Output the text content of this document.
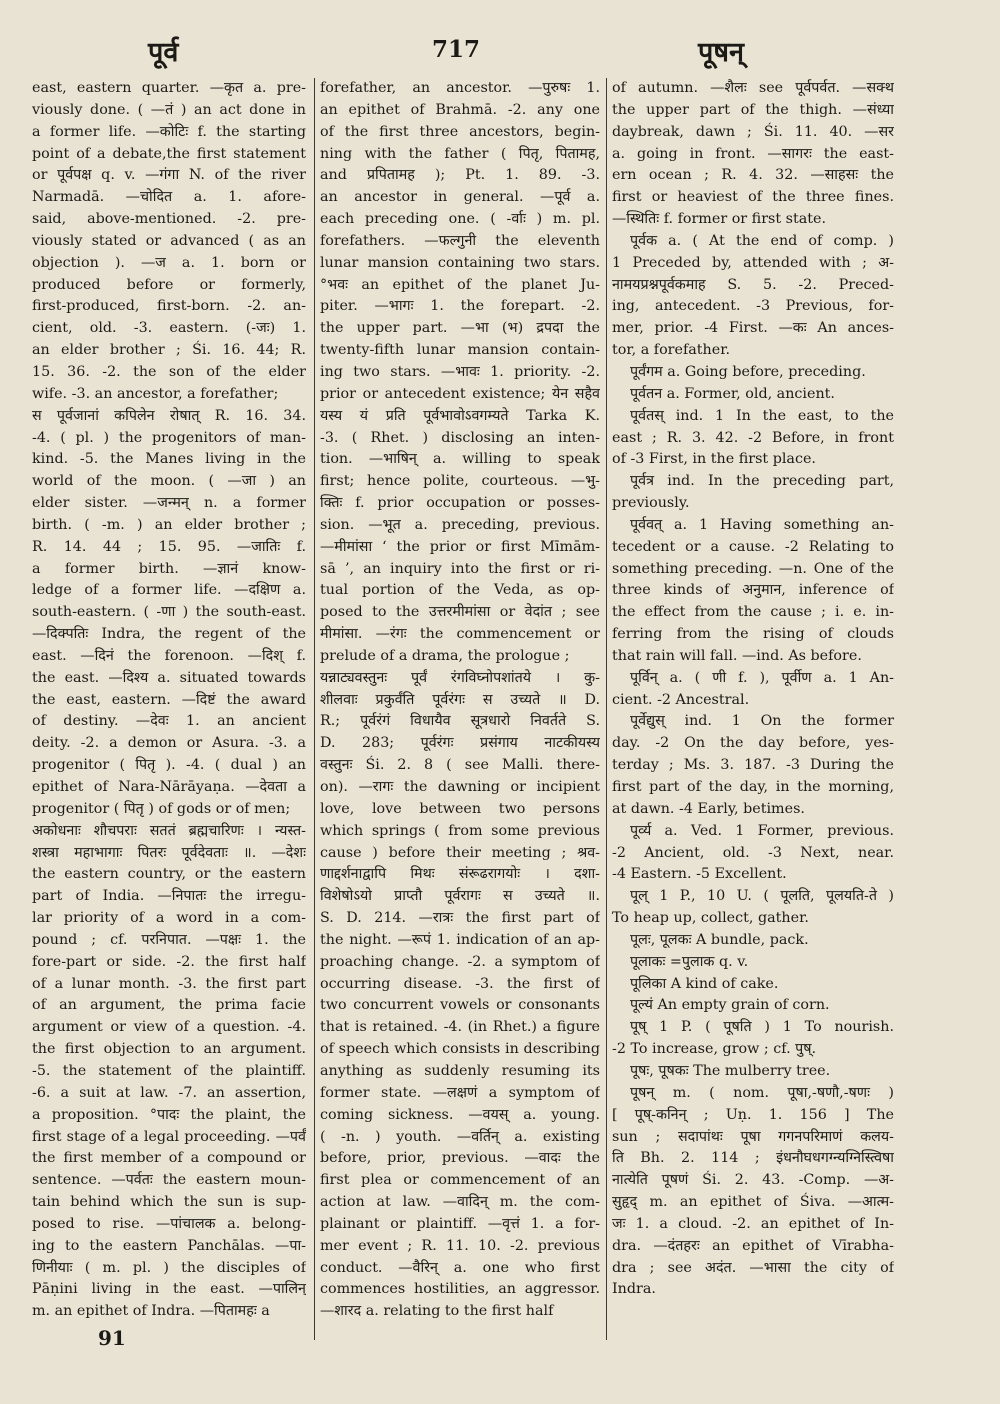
पूर्व	717	पूषन्
east, eastern quarter. —कृत a. pre-
viously done. ( —तं ) an act done in
a former life. —कोटिः f. the starting
point of a debate,the first statement
or पूर्वपक्ष q. v. —गंगा N. of the river
Narmadā. —चोदित a. 1. afore-
said, above-mentioned. -2. pre-
viously stated or advanced ( as an
objection ). —ज a. 1. born or
produced before or formerly,
first-produced, first-born. -2. an-
cient, old. -3. eastern. (-जः) 1.
an elder brother ; Śi. 16. 44; R.
15. 36. -2. the son of the elder
wife. -3. an ancestor, a forefather;
स पूर्वजानां कपिलेन रोषात् R. 16. 34.
-4. ( pl. ) the progenitors of man-
kind. -5. the Manes living in the
world of the moon. ( —जा ) an
elder sister. —जन्मन् n. a former
birth. ( -m. ) an elder brother ;
R. 14. 44 ; 15. 95. —जातिः f.
a former birth. —ज्ञानं know-
ledge of a former life. —दक्षिण a.
south-eastern. ( -णा ) the south-east.
—दिक्पतिः Indra, the regent of the
east. —दिनं the forenoon. —दिश् f.
the east. —दिश्य a. situated towards
the east, eastern. —दिष्टं the award
of destiny. —देवः 1. an ancient
deity. -2. a demon or Asura. -3. a
progenitor ( पितृ ). -4. ( dual ) an
epithet of Nara-Nārāyaṇa. —देवता a
progenitor ( पितृ ) of gods or of men;
अकोधनाः शौचपराः सततं ब्रह्मचारिणः । न्यस्त-
शस्त्रा महाभागाः पितरः पूर्वदेवताः ॥. —देशः
the eastern country, or the eastern
part of India. —निपातः the irregu-
lar priority of a word in a com-
pound ; cf. परनिपात. —पक्षः 1. the
fore-part or side. -2. the first half
of a lunar month. -3. the first part
of an argument, the prima facie
argument or view of a question. -4.
the first objection to an argument.
-5. the statement of the plaintiff.
-6. a suit at law. -7. an assertion,
a proposition. °पादः the plaint, the
first stage of a legal proceeding. —पर्वं
the first member of a compound or
sentence. —पर्वतः the eastern moun-
tain behind which the sun is sup-
posed to rise. —पांचालक a. belong-
ing to the eastern Panchālas. —पा-
णिनीयाः ( m. pl. ) the disciples of
Pāṇini living in the east. —पालिन्
m. an epithet of Indra. —पितामहः a
forefather, an ancestor. —पुरुषः 1.
an epithet of Brahmā. -2. any one
of the first three ancestors, begin-
ning with the father ( पितृ, पितामह,
and प्रपितामह ); Pt. 1. 89. -3.
an ancestor in general. —पूर्व a.
each preceding one. ( -र्वाः ) m. pl.
forefathers. —फल्गुनी the eleventh
lunar mansion containing two stars.
°भवः an epithet of the planet Ju-
piter. —भागः 1. the forepart. -2.
the upper part. —भा (भ) द्रपदा the
twenty-fifth lunar mansion contain-
ing two stars. —भावः 1. priority. -2.
prior or antecedent existence; येन सहैव
यस्य यं प्रति पूर्वभावोऽवगम्यते Tarka K.
-3. ( Rhet. ) disclosing an inten-
tion. —भाषिन् a. willing to speak
first; hence polite, courteous. —भु-
क्तिः f. prior occupation or posses-
sion. —भूत a. preceding, previous.
—मीमांसा ‘ the prior or first Mīmām-
sā ’, an inquiry into the first or ri-
tual portion of the Veda, as op-
posed to the उत्तरमीमांसा or वेदांत ; see
मीमांसा. —रंगः the commencement or
prelude of a drama, the prologue ;
यन्नाट्यवस्तुनः पूर्वं रंगविघ्नोपशांतये । कु-
शीलवाः प्रकुर्वंति पूर्वरंगः स उच्यते ॥ D.
R.; पूर्वरंगं विधायैव सूत्रधारो निवर्तते S.
D. 283; पूर्वरंगः प्रसंगाय नाटकीयस्य
वस्तुनः Śi. 2. 8 ( see Malli. there-
on). —रागः the dawning or incipient
love, love between two persons
which springs ( from some previous
cause ) before their meeting ; श्रव-
णाद्दर्शनाद्वापि मिथः संरूढरागयोः । दशा-
विशेषोऽयो प्राप्तौ पूर्वरागः स उच्यते ॥.
S. D. 214. —रात्रः the first part of
the night. —रूपं 1. indication of an ap-
proaching change. -2. a symptom of
occurring disease. -3. the first of
two concurrent vowels or consonants
that is retained. -4. (in Rhet.) a figure
of speech which consists in describing
anything as suddenly resuming its
former state. —लक्षणं a symptom of
coming sickness. —वयस् a. young.
( -n. ) youth. —वर्तिन् a. existing
before, prior, previous. —वादः the
first plea or commencement of an
action at law. —वादिन् m. the com-
plainant or plaintiff. —वृत्तं 1. a for-
mer event ; R. 11. 10. -2. previous
conduct. —वैरिन् a. one who first
commences hostilities, an aggressor.
—शारद a. relating to the first half
of autumn. —शैलः see पूर्वपर्वत. —सक्थ
the upper part of the thigh. —संध्या
daybreak, dawn ; Śi. 11. 40. —सर
a. going in front. —सागरः the east-
ern ocean ; R. 4. 32. —साहसः the
first or heaviest of the three fines.
—स्थितिः f. former or first state.
पूर्वक a. ( At the end of comp. )
1 Preceded by, attended with ; अ-
नामयप्रश्नपूर्वकमाह S. 5. -2. Preced-
ing, antecedent. -3 Previous, for-
mer, prior. -4 First. —कः An ances-
tor, a forefather.
पूर्वंगम a. Going before, preceding.
पूर्वतन a. Former, old, ancient.
पूर्वतस् ind. 1 In the east, to the
east ; R. 3. 42. -2 Before, in front
of -3 First, in the first place.
पूर्वत्र ind. In the preceding part,
previously.
पूर्ववत् a. 1 Having something an-
tecedent or a cause. -2 Relating to
something preceding. —n. One of the
three kinds of अनुमान, inference of
the effect from the cause ; i. e. in-
ferring from the rising of clouds
that rain will fall. —ind. As before.
पूर्विन् a. ( णी f. ), पूर्वीण a. 1 An-
cient. -2 Ancestral.
पूर्वेद्युस् ind. 1 On the former
day. -2 On the day before, yes-
terday ; Ms. 3. 187. -3 During the
first part of the day, in the morning,
at dawn. -4 Early, betimes.
पूर्व्य a. Ved. 1 Former, previous.
-2 Ancient, old. -3 Next, near.
-4 Eastern. -5 Excellent.
पूल् 1 P., 10 U. ( पूलति, पूलयति-ते )
To heap up, collect, gather.
पूलः, पूलकः A bundle, pack.
पूलाकः =पुलाक q. v.
पूलिका A kind of cake.
पूल्यं An empty grain of corn.
पूष् 1 P. ( पूषति ) 1 To nourish.
-2 To increase, grow ; cf. पुष्.
पूषः, पूषकः The mulberry tree.
पूषन् m. ( nom. पूषा,-षणौ,-षणः )
[ पूष्-कनिन् ; Uṇ. 1. 156 ] The
sun ; सदापांथः पूषा गगनपरिमाणं कलय-
ति Bh. 2. 114 ; इंधनौघधगग्न्यग्निस्त्विषा
नात्येति पूषणं Śi. 2. 43. -Comp. —अ-
सुहृद् m. an epithet of Śiva. —आत्म-
जः 1. a cloud. -2. an epithet of In-
dra. —दंतहरः an epithet of Vīrabha-
dra ; see अदंत. —भासा the city of
Indra.
91
